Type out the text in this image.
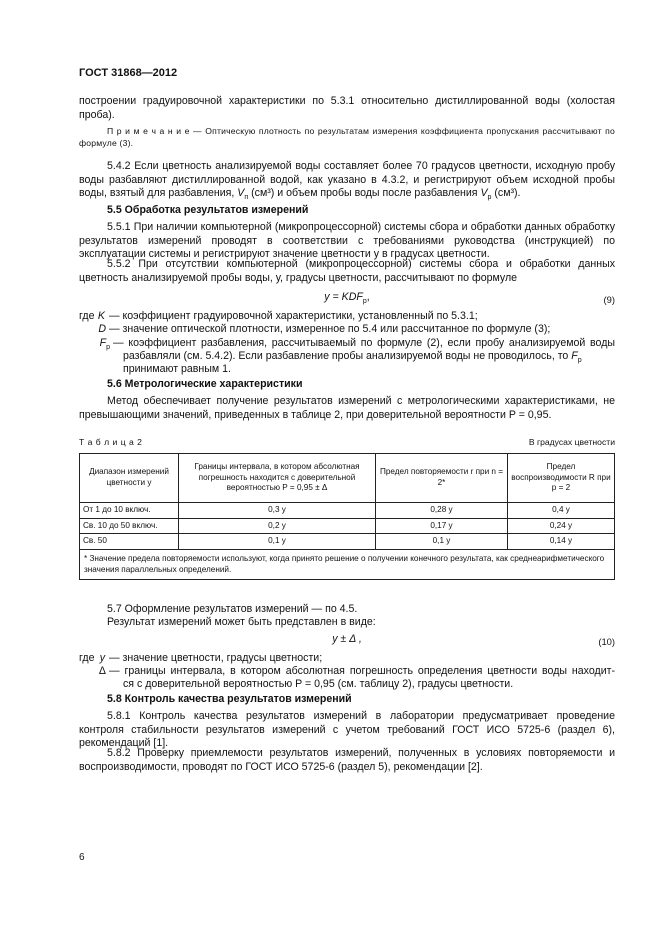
ГОСТ 31868—2012
построении градуировочной характеристики по 5.3.1 относительно дистиллированной воды (холостая проба).
П р и м е ч а н и е — Оптическую плотность по результатам измерения коэффициента пропускания рассчитывают по формуле (3).
5.4.2 Если цветность анализируемой воды составляет более 70 градусов цветности, исходную пробу воды разбавляют дистиллированной водой, как указано в 4.3.2, и регистрируют объем исходной пробы воды, взятый для разбавления, $V_п$ (см³) и объем пробы воды после разбавления $V_р$ (см³).
5.5 Обработка результатов измерений
5.5.1 При наличии компьютерной (микропроцессорной) системы сбора и обработки данных обработку результатов измерений проводят в соответствии с требованиями руководства (инструкцией) по эксплуатации системы и регистрируют значение цветности у в градусах цветности.
5.5.2 При отсутствии компьютерной (микропроцессорной) системы сбора и обработки данных цветность анализируемой пробы воды, у, градусы цветности, рассчитывают по формуле
$y = KDF_р$,	(9)
где K — коэффициент градуировочной характеристики, установленный по 5.3.1;
D — значение оптической плотности, измеренное по 5.4 или рассчитанное по формуле (3);
$F_р$ — коэффициент разбавления, рассчитываемый по формуле (2), если пробу анализируемой воды
разбавляли (см. 5.4.2). Если разбавление пробы анализируемой воды не проводилось, то $F_р$
принимают равным 1.
5.6 Метрологические характеристики
Метод обеспечивает получение результатов измерений с метрологическими характеристиками, не превышающими значений, приведенных в таблице 2, при доверительной вероятности P = 0,95.
Т а б л и ц а 2	В градусах цветности
Диапазон измерений цветности у	Границы интервала, в котором абсолютная погрешность находится с доверительной вероятностью P = 0,95 ± Δ	Предел повторяемости r при n = 2*	Предел воспроизводимости R при p = 2
От 1 до 10 включ.	0,3 у	0,28 у	0,4 у
Св. 10 до 50 включ.	0,2 у	0,17 у	0,24 у
Св. 50	0,1 у	0,1 у	0,14 у
* Значение предела повторяемости используют, когда принято решение о получении конечного результата, как среднеарифметического значения параллельных определений.			
5.7 Оформление результатов измерений — по 4.5.
Результат измерений может быть представлен в виде:
y ± Δ ,	(10)
где у — значение цветности, градусы цветности;
Δ — границы интервала, в котором абсолютная погрешность определения цветности воды находит-
ся с доверительной вероятностью P = 0,95 (см. таблицу 2), градусы цветности.
5.8 Контроль качества результатов измерений
5.8.1 Контроль качества результатов измерений в лаборатории предусматривает проведение контроля стабильности результатов измерений с учетом требований ГОСТ ИСО 5725-6 (раздел 6), рекомендаций [1].
5.8.2 Проверку приемлемости результатов измерений, полученных в условиях повторяемости и воспроизводимости, проводят по ГОСТ ИСО 5725-6 (раздел 5), рекомендации [2].
6
